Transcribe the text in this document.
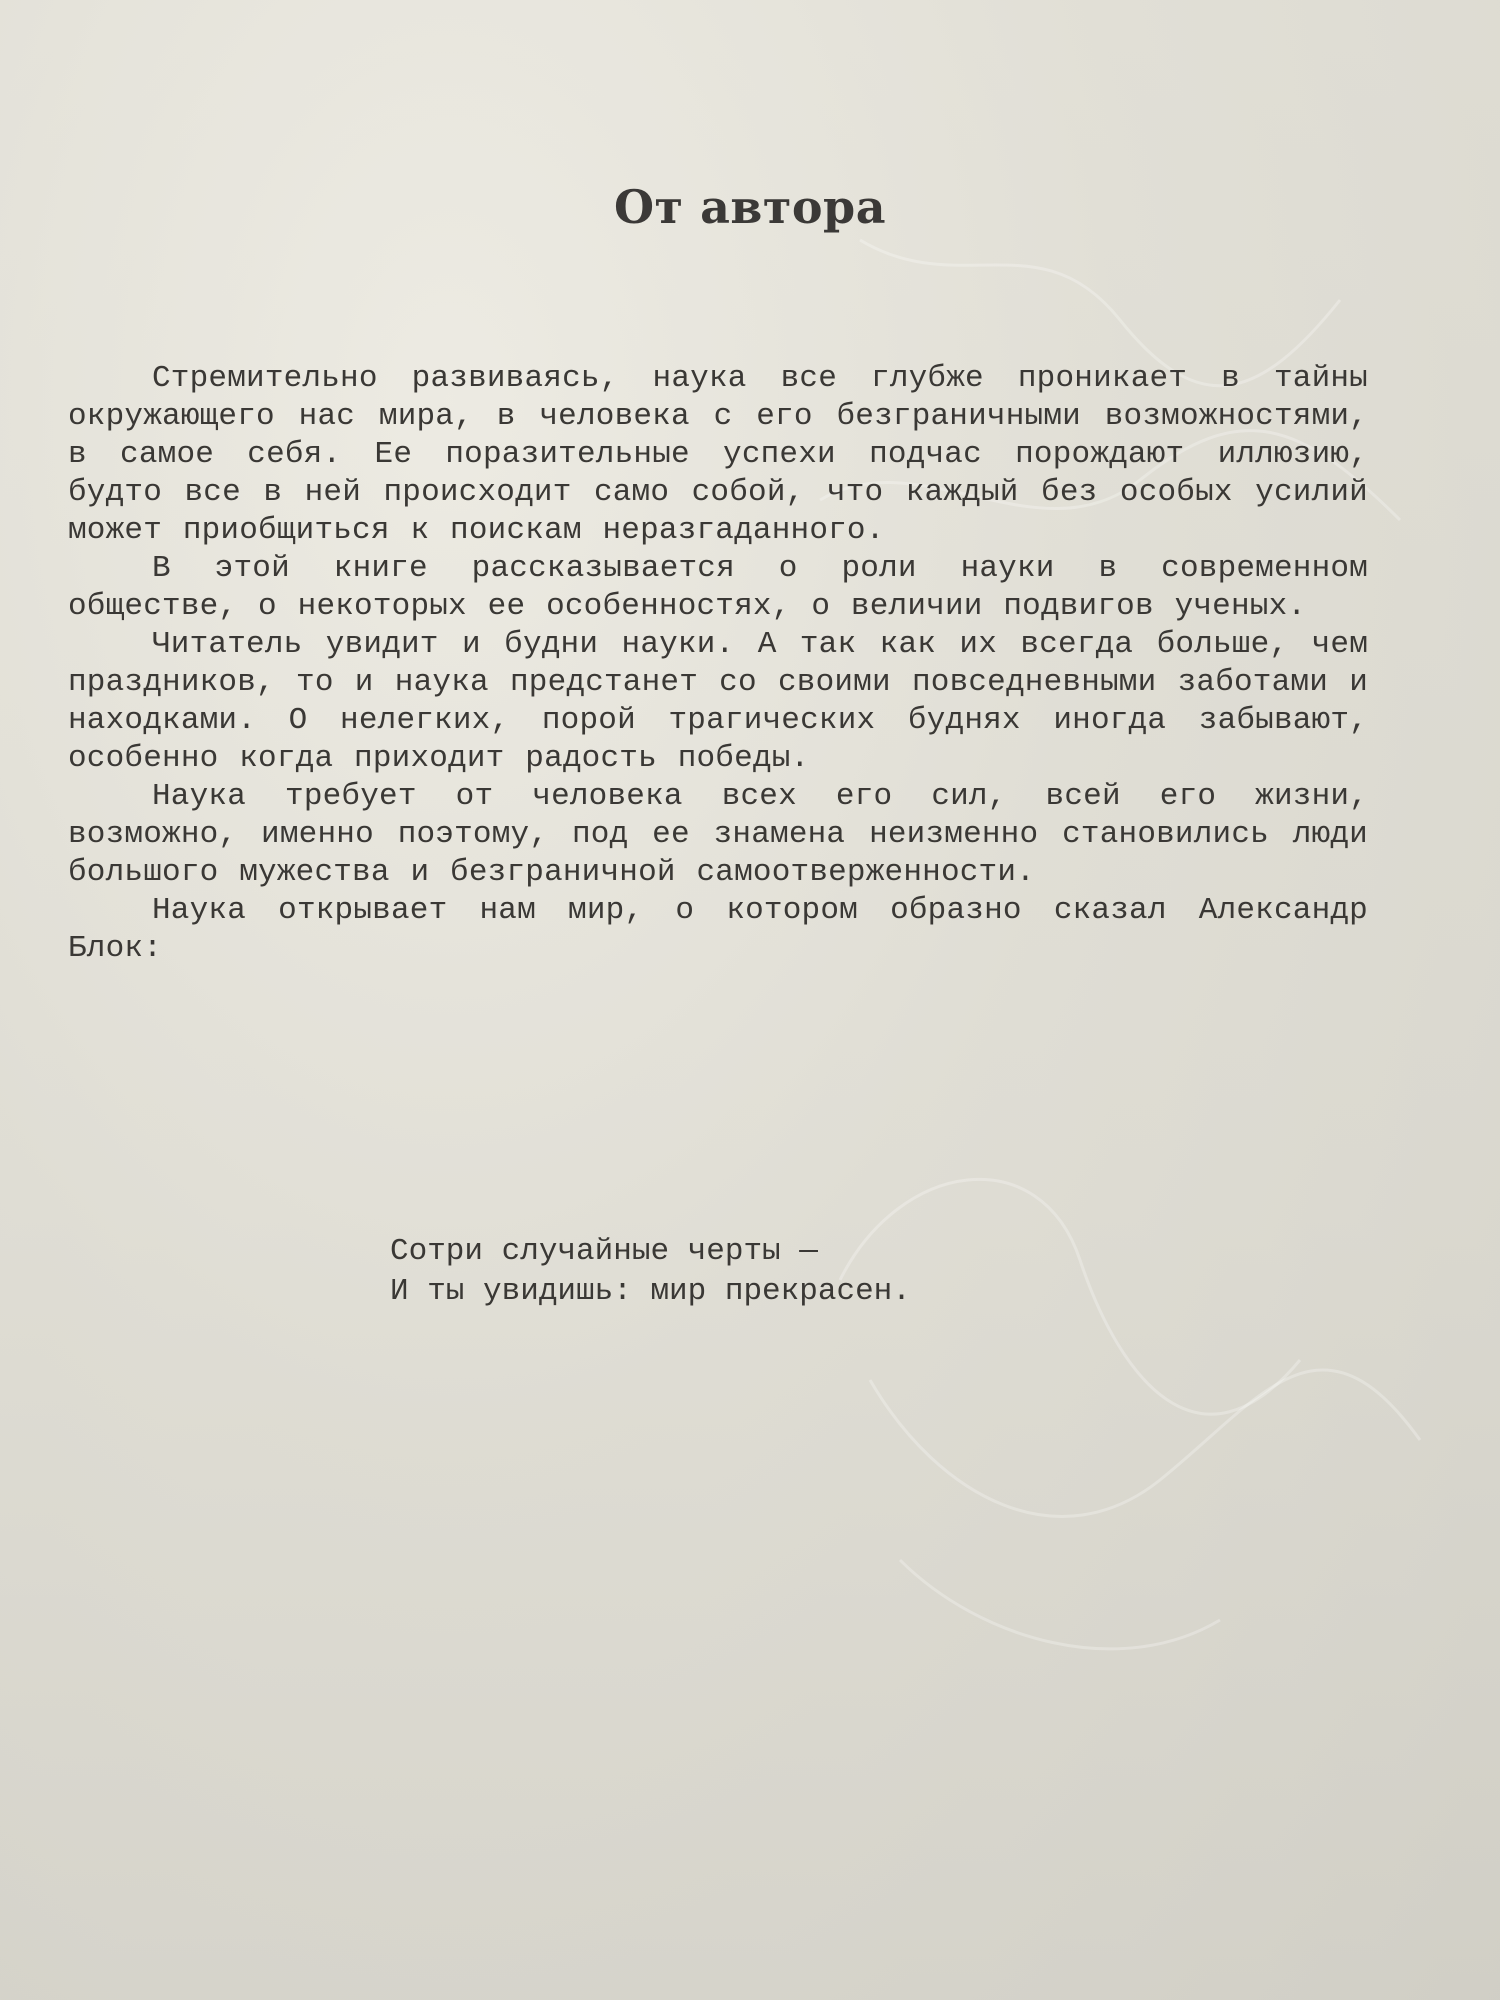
От автора

Стремительно развиваясь, наука все глубже проникает в тайны окружающего нас мира, в человека с его безграничными возможностями, в самое себя. Ее поразительные успехи подчас порождают иллюзию, будто все в ней происходит само собой, что каждый без особых усилий может приобщиться к поискам неразгаданного.

В этой книге рассказывается о роли науки в современном обществе, о некоторых ее особенностях, о величии подвигов ученых.

Читатель увидит и будни науки. А так как их всегда больше, чем праздников, то и наука предстанет со своими повседневными заботами и находками. О нелегких, порой трагических буднях иногда забывают, особенно когда приходит радость победы.

Наука требует от человека всех его сил, всей его жизни, возможно, именно поэтому, под ее знамена неизменно становились люди большого мужества и безграничной самоотверженности.

Наука открывает нам мир, о котором образно сказал Александр Блок:

Сотри случайные черты —
И ты увидишь: мир прекрасен.
